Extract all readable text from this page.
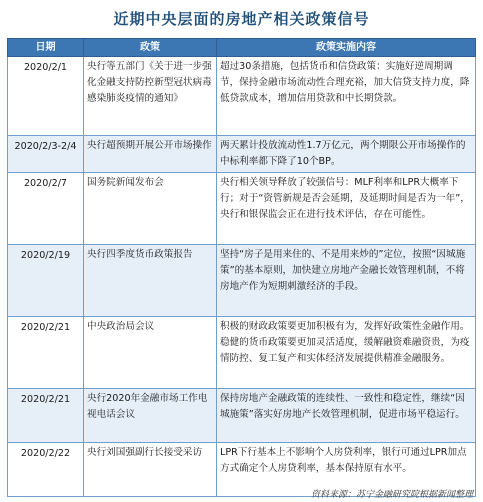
近期中央层面的房地产相关政策信号
日期	政策	政策实施内容
2020/2/1	央行等五部门《关于进一步强化金融支持防控新型冠状病毒感染肺炎疫情的通知》	超过30条措施，包括货币和信贷政策：实施好逆周期调节，保持金融市场流动性合理充裕，加大信贷支持力度，降低贷款成本，增加信用贷款和中长期贷款。
2020/2/3-2/4	央行超预期开展公开市场操作	两天累计投放流动性1.7万亿元，两个期限公开市场操作的中标利率都下降了10个BP。
2020/2/7	国务院新闻发布会	央行相关领导释放了较强信号：MLF利率和LPR大概率下行；对于“资管新规是否会延期，及延期时间是否为一年”，央行和银保监会正在进行技术评估，存在可能性。
2020/2/19	央行四季度货币政策报告	坚持“房子是用来住的、不是用来炒的”定位，按照“因城施策”的基本原则，加快建立房地产金融长效管理机制，不将房地产作为短期刺激经济的手段。
2020/2/21	中央政治局会议	积极的财政政策要更加积极有为，发挥好政策性金融作用。稳健的货币政策要更加灵活适度，缓解融资难融资贵，为疫情防控、复工复产和实体经济发展提供精准金融服务。
2020/2/21	央行2020年金融市场工作电视电话会议	保持房地产金融政策的连续性、一致性和稳定性，继续“因城施策”落实好房地产长效管理机制，促进市场平稳运行。
2020/2/22	央行刘国强副行长接受采访	LPR下行基本上不影响个人房贷利率，银行可通过LPR加点方式确定个人房贷利率，基本保持原有水平。
资料来源：苏宁金融研究院根据新闻整理
